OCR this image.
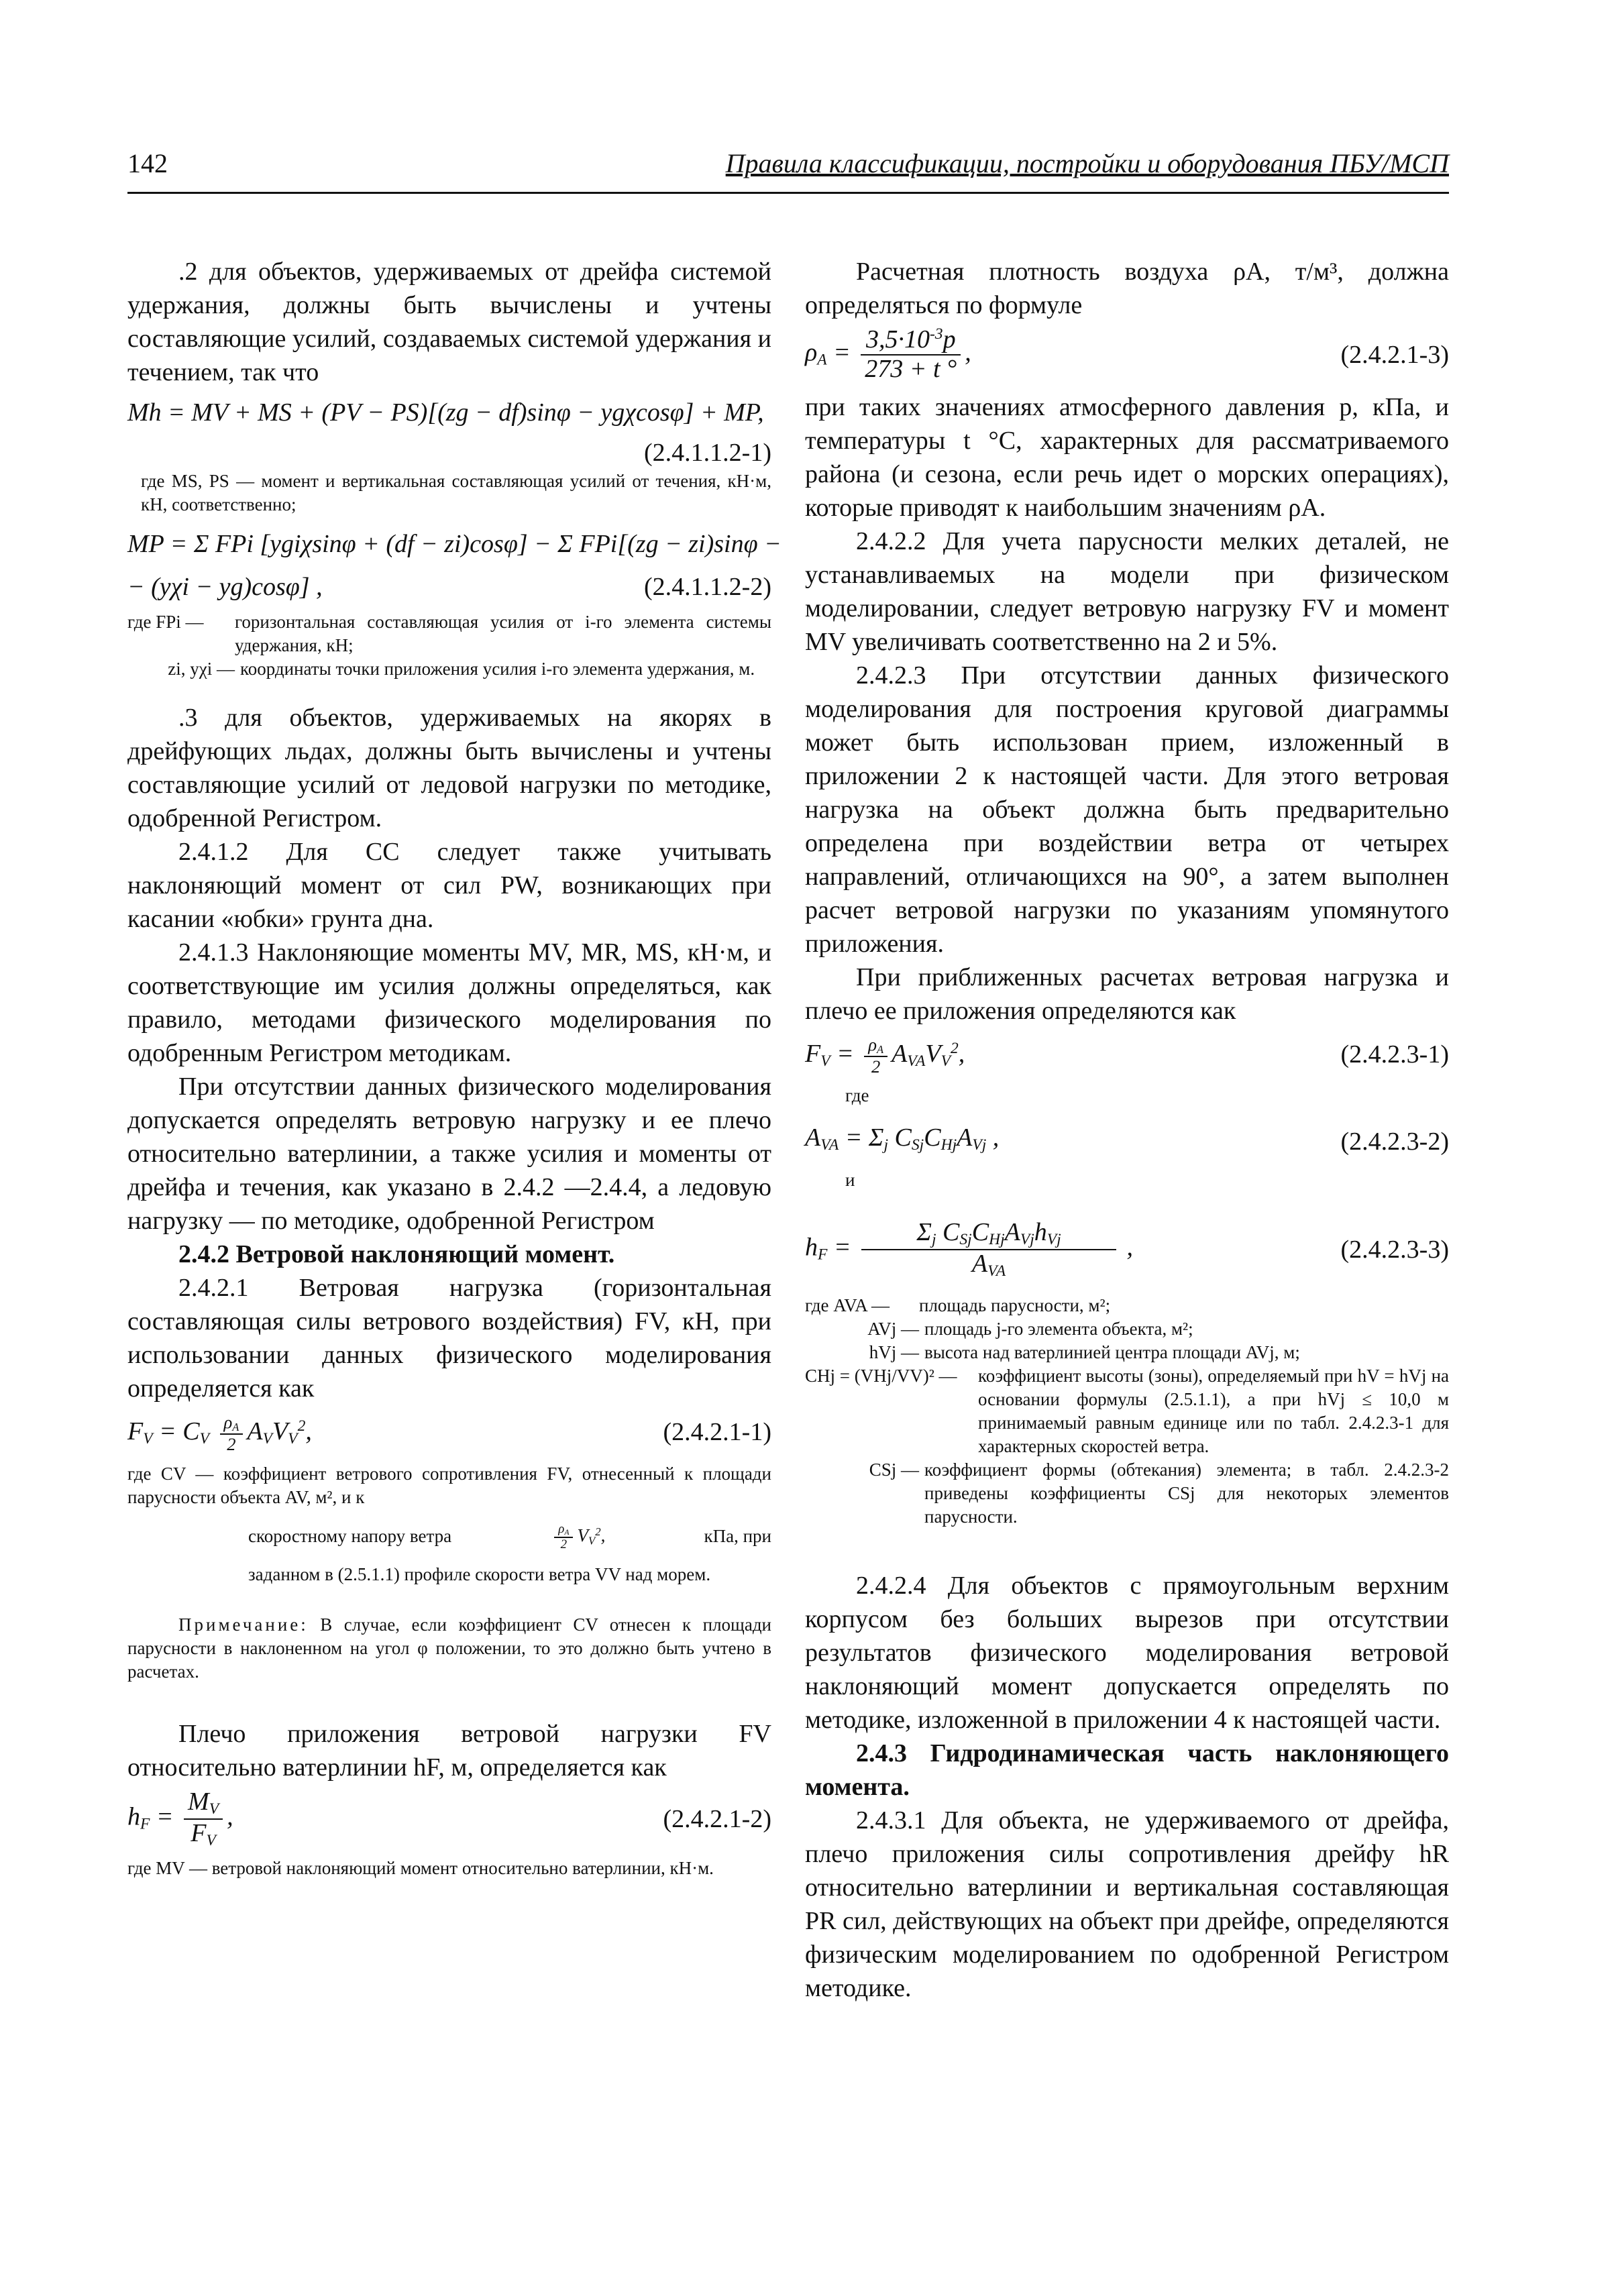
142	Правила классификации, постройки и оборудования ПБУ/МСП

.2 для объектов, удерживаемых от дрейфа системой удержания, должны быть вычислены и учтены составляющие усилий, создаваемых системой удержания и течением, так что

Mh = MV + MS + (PV − PS)[(zg − df)sinφ − ygχcosφ] + MP,
(2.4.1.1.2-1)

где MS, PS — момент и вертикальная составляющая усилий от течения, кН·м, кН, соответственно;

MP = Σ FPi [ygiχsinφ + (df − zi)cosφ] − Σ FPi[(zg − zi)sinφ −
− (yχi − yg)cosφ] ,	(2.4.1.1.2-2)
где FPi —	горизонтальная составляющая усилия от i-го элемента системы удержания, кН;
zi, yχi — координаты точки приложения усилия i-го элемента удержания, м.

.3 для объектов, удерживаемых на якорях в дрейфующих льдах, должны быть вычислены и учтены составляющие усилий от ледовой нагрузки по методике, одобренной Регистром.

2.4.1.2 Для СС следует также учитывать наклоняющий момент от сил PW, возникающих при касании «юбки» грунта дна.

2.4.1.3 Наклоняющие моменты MV, MR, MS, кН·м, и соответствующие им усилия должны определяться, как правило, методами физического моделирования по одобренным Регистром методикам.

При отсутствии данных физического моделирования допускается определять ветровую нагрузку и ее плечо относительно ватерлинии, а также усилия и моменты от дрейфа и течения, как указано в 2.4.2 —2.4.4, а ледовую нагрузку — по методике, одобренной Регистром

2.4.2 Ветровой наклоняющий момент.

2.4.2.1 Ветровая нагрузка (горизонтальная составляющая силы ветрового воздействия) FV, кН, при использовании данных физического моделирования определяется как

$F_V = C_V \frac{\rho_A}{2} A_VV_V^2$,	(2.4.2.1-1)

где CV — коэффициент ветрового сопротивления FV, отнесенный к площади парусности объекта AV, м², и к

скоростному напору ветра	$\frac{\rho_A}{2} V_V^2$,	кПа, при

заданном в (2.5.1.1) профиле скорости ветра VV над морем.

Примечание: В случае, если коэффициент CV отнесен к площади парусности в наклоненном на угол φ положении, то это должно быть учтено в расчетах.

Плечо приложения ветровой нагрузки FV относительно ватерлинии hF, м, определяется как

$h_F = \frac{M_V}{F_V}$ ,	(2.4.2.1-2)

где MV — ветровой наклоняющий момент относительно ватерлинии, кН·м.

Расчетная плотность воздуха ρA, т/м³, должна определяться по формуле

$\rho_A = \frac{3,5\cdot 10^{-3}p}{273 + t ^\circ}$ ,	(2.4.2.1-3)

при таких значениях атмосферного давления p, кПа, и температуры t °C, характерных для рассматриваемого района (и сезона, если речь идет о морских операциях), которые приводят к наибольшим значениям ρA.

2.4.2.2 Для учета парусности мелких деталей, не устанавливаемых на модели при физическом моделировании, следует ветровую нагрузку FV и момент MV увеличивать соответственно на 2 и 5%.

2.4.2.3 При отсутствии данных физического моделирования для построения круговой диаграммы может быть использован прием, изложенный в приложении 2 к настоящей части. Для этого ветровая нагрузка на объект должна быть предварительно определена при воздействии ветра от четырех направлений, отличающихся на 90°, а затем выполнен расчет ветровой нагрузки по указаниям упомянутого приложения.

При приближенных расчетах ветровая нагрузка и плечо ее приложения определяются как

$F_V = \frac{\rho_A}{2} A_{VA}V_V^2$,	(2.4.2.3-1)

где

$A_{VA} = \Sigma_j$ $C_{Sj}C_{Hj}A_{Vj}$ ,	(2.4.2.3-2)

и

$h_F = \frac{\Sigma_j C_{Sj}C_{Hj}A_{Vj}h_{Vj}}{A_{VA}}$ ,	(2.4.2.3-3)
где AVA —	площадь парусности, м²;
AVj — площадь j-го элемента объекта, м²;
hVj — высота над ватерлинией центра площади AVj, м;
CHj = (VHj/VV)² —	коэффициент высоты (зоны), определяемый при hV = hVj на основании формулы (2.5.1.1), а при hVj ≤ 10,0 м принимаемый равным единице или по табл. 2.4.2.3-1 для характерных скоростей ветра.
CSj — коэффициент формы (обтекания) элемента; в табл. 2.4.2.3-2 приведены коэффициенты CSj для некоторых элементов парусности.

2.4.2.4 Для объектов с прямоугольным верхним корпусом без больших вырезов при отсутствии результатов физического моделирования ветровой наклоняющий момент допускается определять по методике, изложенной в приложении 4 к настоящей части.

2.4.3 Гидродинамическая часть наклоняющего момента.

2.4.3.1 Для объекта, не удерживаемого от дрейфа, плечо приложения силы сопротивления дрейфу hR относительно ватерлинии и вертикальная составляющая PR сил, действующих на объект при дрейфе, определяются физическим моделированием по одобренной Регистром методике.
